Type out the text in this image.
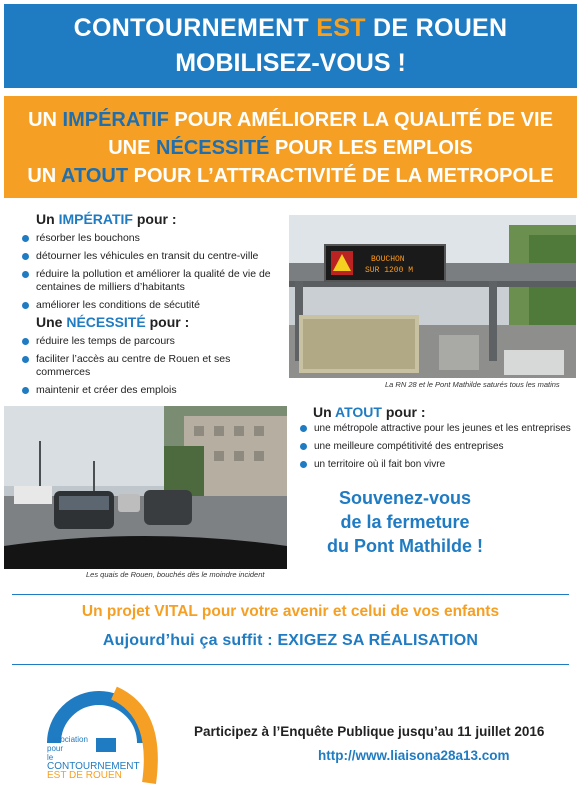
CONTOURNEMENT EST DE ROUEN
MOBILISEZ-VOUS !
UN IMPÉRATIF POUR AMÉLIORER LA QUALITÉ DE VIE
UNE NÉCESSITÉ POUR LES EMPLOIS
UN ATOUT POUR L’ATTRACTIVITÉ DE LA METROPOLE
Un IMPÉRATIF pour :
résorber les bouchons
détourner les véhicules en transit du centre-ville
réduire la pollution et améliorer la qualité de vie de centaines de milliers d’habitants
améliorer les conditions de sécutité
Une NÉCESSITÉ pour :
réduire les temps de parcours
faciliter l’accès au centre de Rouen et ses commerces
maintenir et créer des emplois
BOUCHON
SUR 1200 M
La RN 28 et le Pont Mathilde saturés tous les matins
Les quais de Rouen, bouchés dès le moindre incident
Un ATOUT pour :
une métropole attractive pour les jeunes et les entreprises
une meilleure compétitivité des entreprises
un territoire où il fait bon vivre
Souvenez-vous
de la fermeture
du Pont Mathilde !
Un projet VITAL pour votre avenir et celui de vos enfants
Aujourd’hui ça suffit : EXIGEZ SA RÉALISATION
Association
pour
le
CONTOURNEMENT
EST DE ROUEN
Participez à l’Enquête Publique jusqu’au 11 juillet 2016
http://www.liaisona28a13.com
